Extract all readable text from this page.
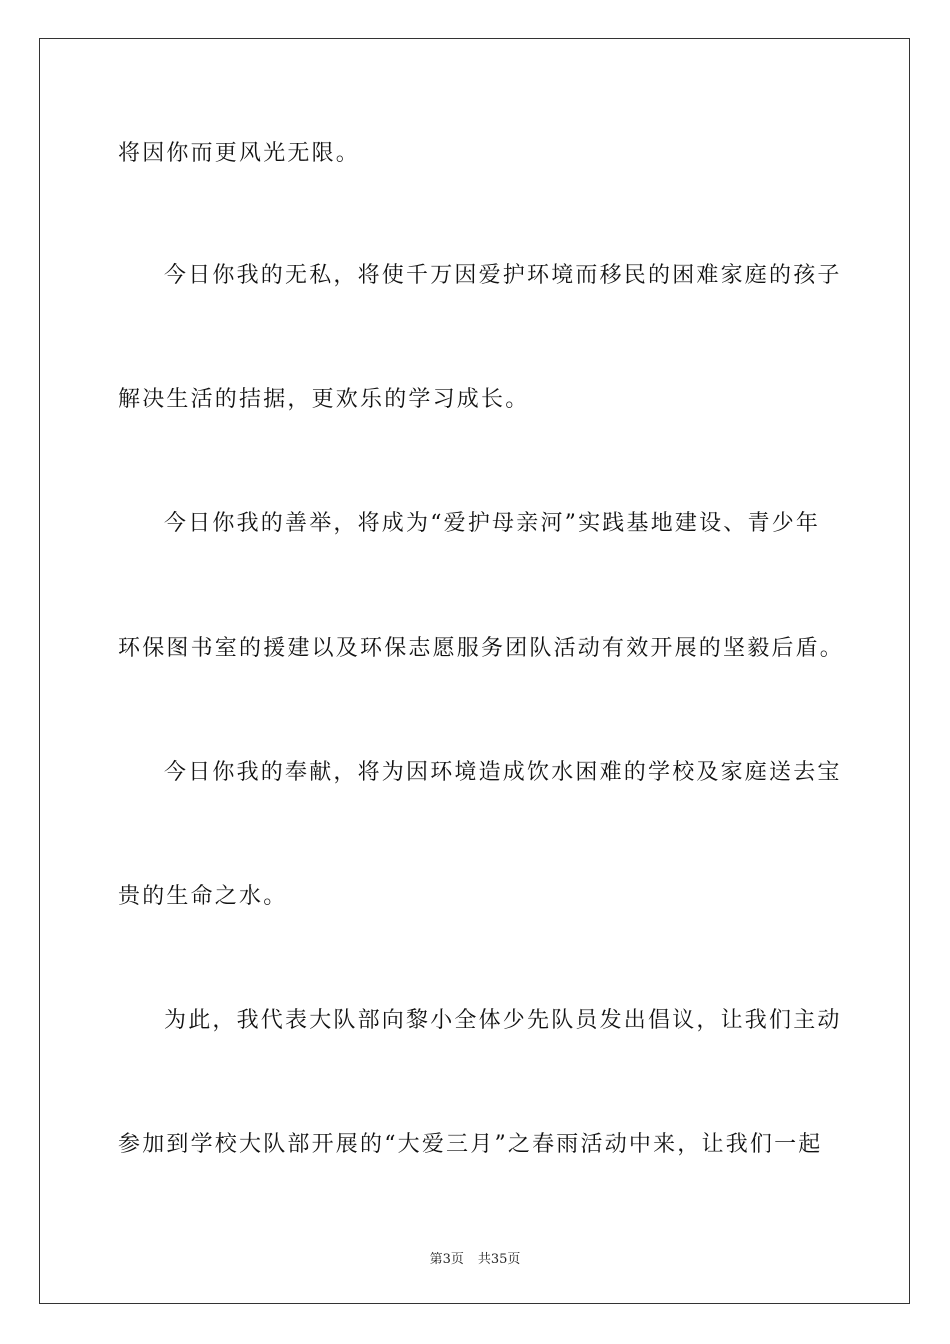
将因你而更风光无限。
今日你我的无私，将使千万因爱护环境而移民的困难家庭的孩子
解决生活的拮据，更欢乐的学习成长。
今日你我的善举，将成为“爱护母亲河”实践基地建设、青少年
环保图书室的援建以及环保志愿服务团队活动有效开展的坚毅后盾。
今日你我的奉献，将为因环境造成饮水困难的学校及家庭送去宝
贵的生命之水。
为此，我代表大队部向黎小全体少先队员发出倡议，让我们主动
参加到学校大队部开展的“大爱三月”之春雨活动中来，让我们一起
第3页 共35页
